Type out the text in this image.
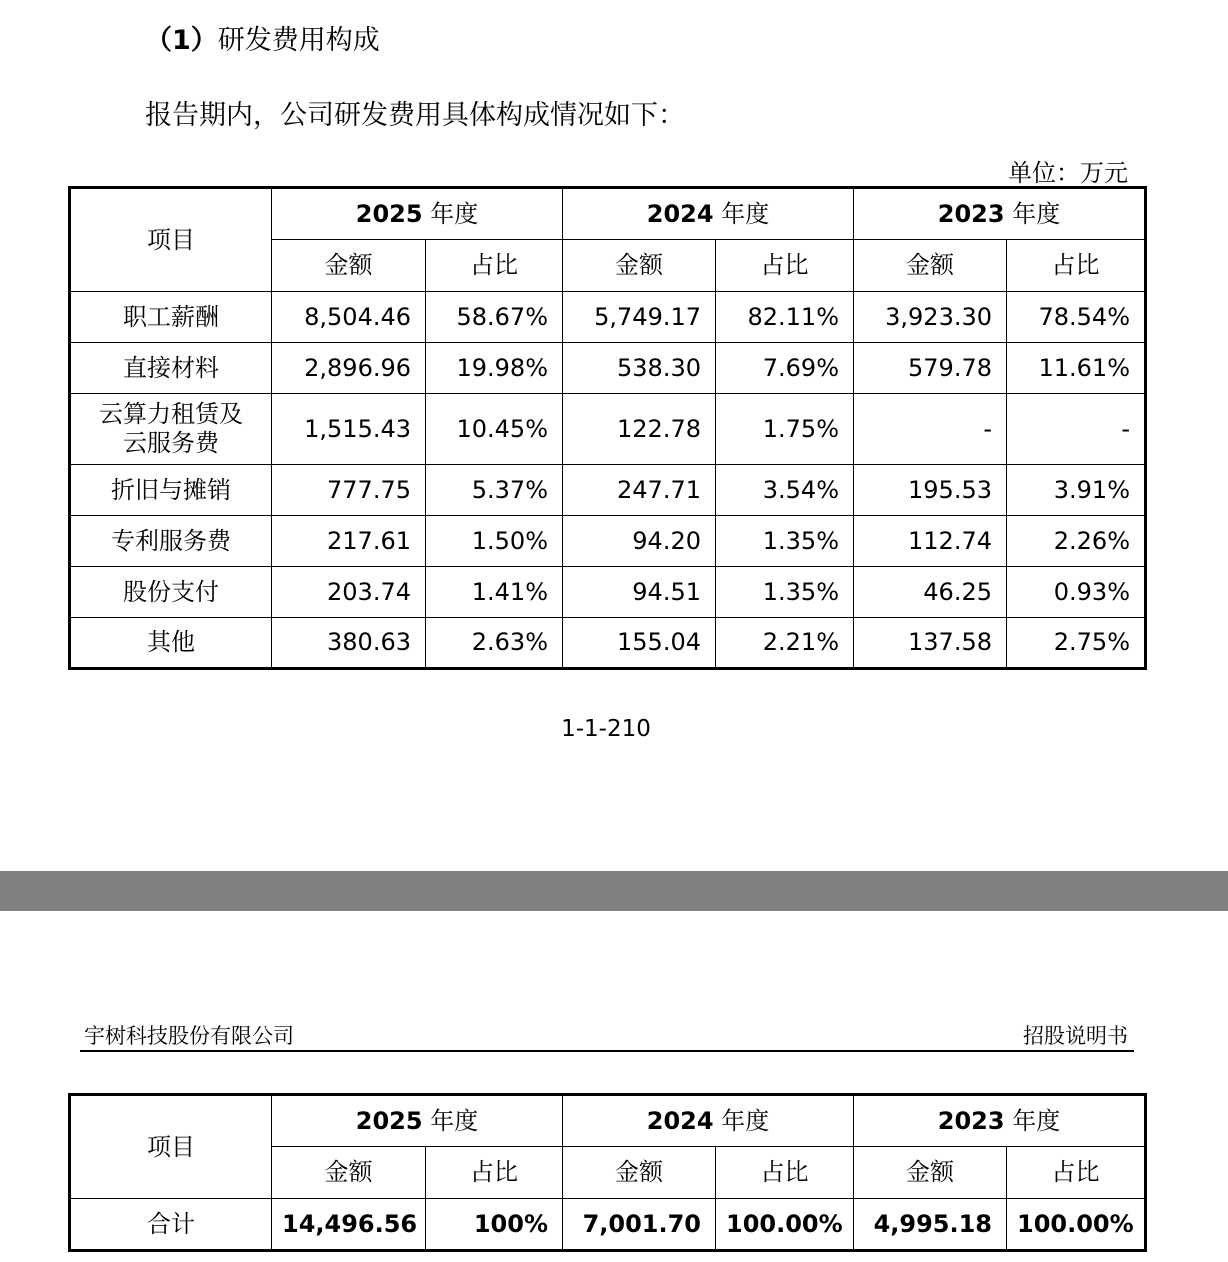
（1）研发费用构成
报告期内，公司研发费用具体构成情况如下：
单位：万元
项目	2025 年度		2024 年度		2023 年度	
	金额	占比	金额	占比	金额	占比
职工薪酬	8,504.46	58.67%	5,749.17	82.11%	3,923.30	78.54%
直接材料	2,896.96	19.98%	538.30	7.69%	579.78	11.61%
云算力租赁及
云服务费	1,515.43	10.45%	122.78	1.75%	-	-
折旧与摊销	777.75	5.37%	247.71	3.54%	195.53	3.91%
专利服务费	217.61	1.50%	94.20	1.35%	112.74	2.26%
股份支付	203.74	1.41%	94.51	1.35%	46.25	0.93%
其他	380.63	2.63%	155.04	2.21%	137.58	2.75%
1-1-210
宇树科技股份有限公司	招股说明书
项目	2025 年度		2024 年度		2023 年度	
	金额	占比	金额	占比	金额	占比
合计	14,496.56	100%	7,001.70	100.00%	4,995.18	100.00%
